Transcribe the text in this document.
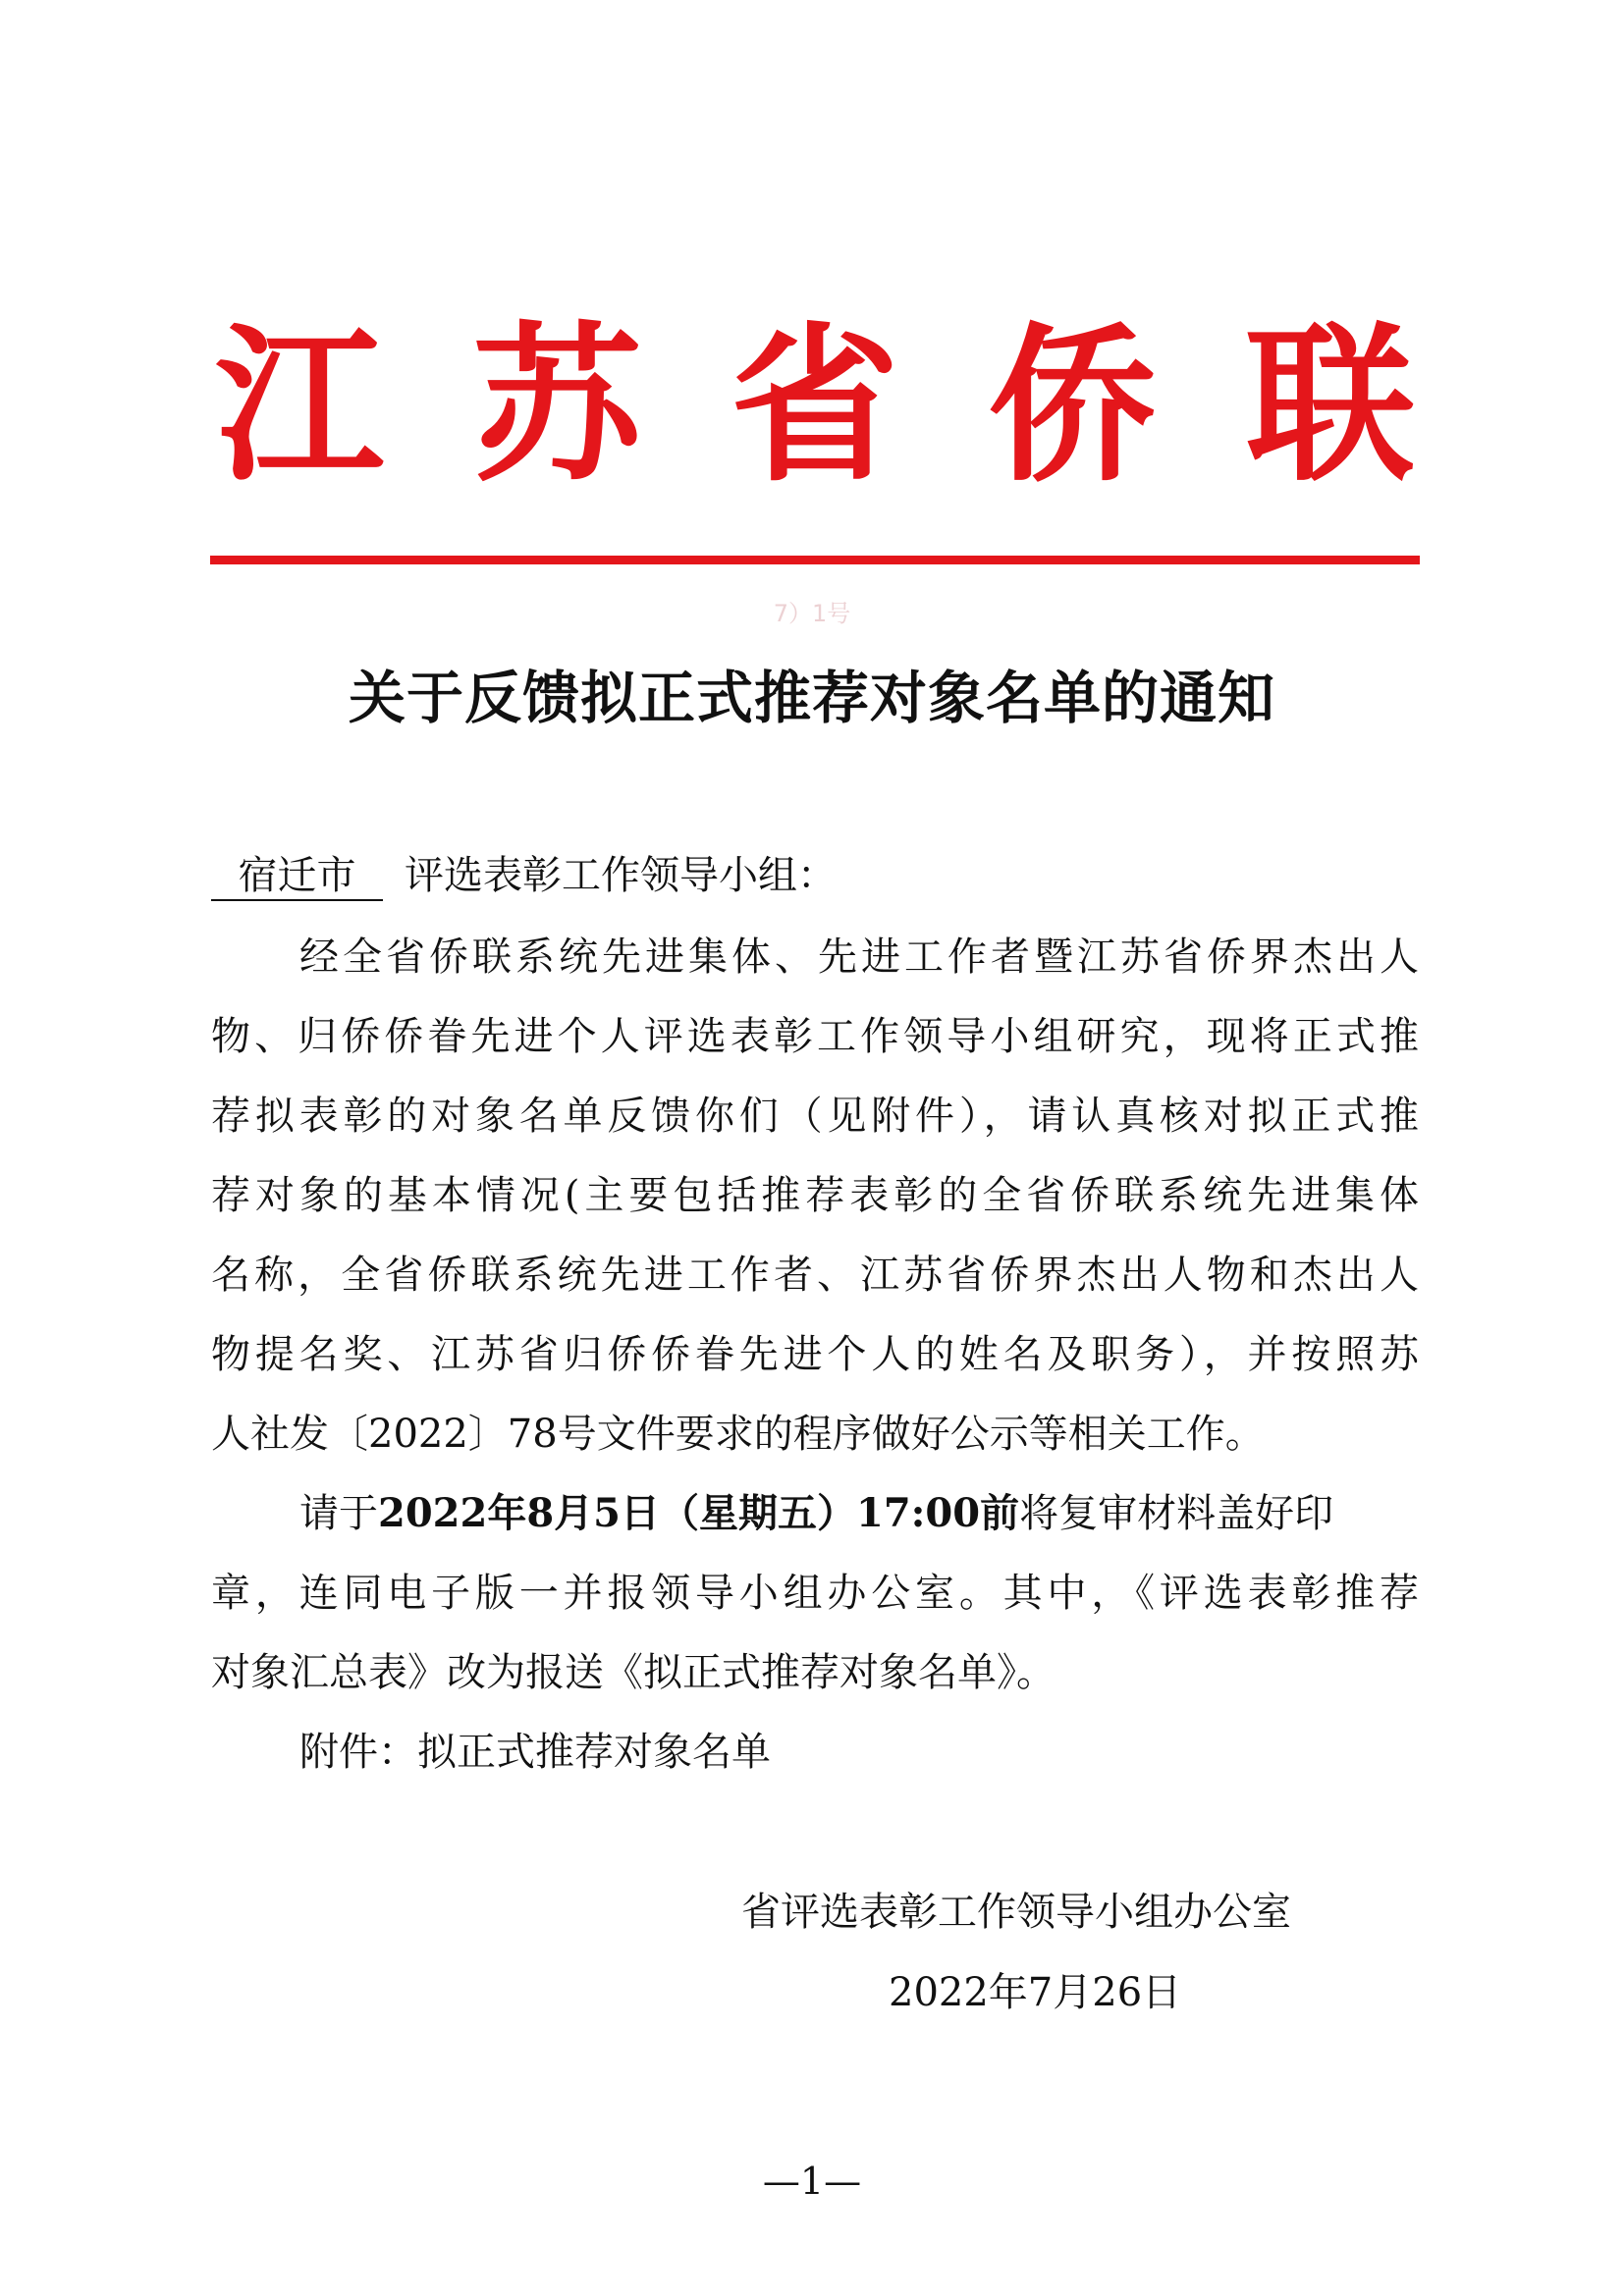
江 苏 省 侨 联
7）1号
关于反馈拟正式推荐对象名单的通知
宿迁市 评选表彰工作领导小组：
经全省侨联系统先进集体、先进工作者暨江苏省侨界杰出人
物、归侨侨眷先进个人评选表彰工作领导小组研究，现将正式推
荐拟表彰的对象名单反馈你们（见附件），请认真核对拟正式推
荐对象的基本情况(主要包括推荐表彰的全省侨联系统先进集体
名称，全省侨联系统先进工作者、江苏省侨界杰出人物和杰出人
物提名奖、江苏省归侨侨眷先进个人的姓名及职务），并按照苏
人社发〔2022〕78号文件要求的程序做好公示等相关工作。
请于2022年8月5日（星期五）17:00前将复审材料盖好印
章，连同电子版一并报领导小组办公室。其中，《评选表彰推荐
对象汇总表》改为报送《拟正式推荐对象名单》。
附件：拟正式推荐对象名单
省评选表彰工作领导小组办公室
2022年7月26日
—1—
